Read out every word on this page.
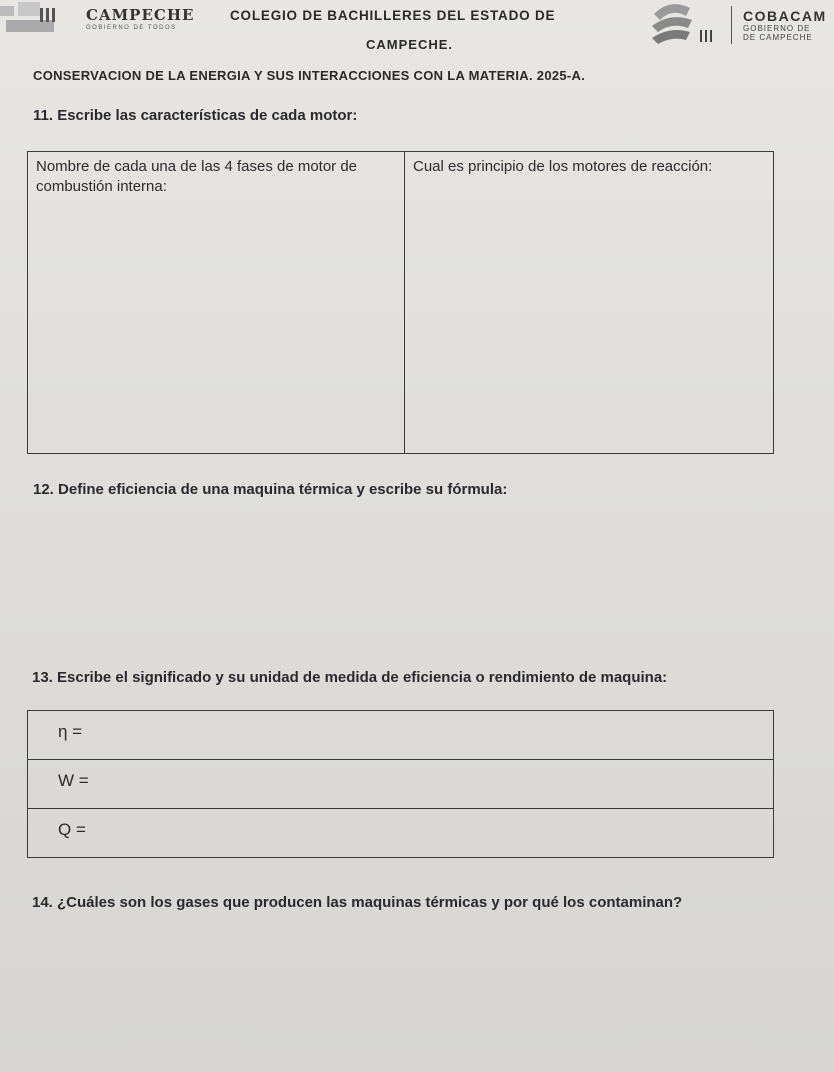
CAMPECHE
GOBIERNO DE TODOS
COLEGIO DE BACHILLERES DEL ESTADO DE
CAMPECHE.
COBACAM
GOBIERNO DE
DE CAMPECHE
CONSERVACION DE LA ENERGIA Y SUS INTERACCIONES CON LA MATERIA. 2025-A.
11. Escribe las características de cada motor:
Nombre de cada una de las 4 fases de motor de combustión interna:
Cual es principio de los motores de reacción:
12. Define eficiencia de una maquina térmica y escribe su fórmula:
13. Escribe el significado y su unidad de medida de eficiencia o rendimiento de maquina:
η =
W =
Q =
14. ¿Cuáles son los gases que producen las maquinas térmicas y por qué los contaminan?
